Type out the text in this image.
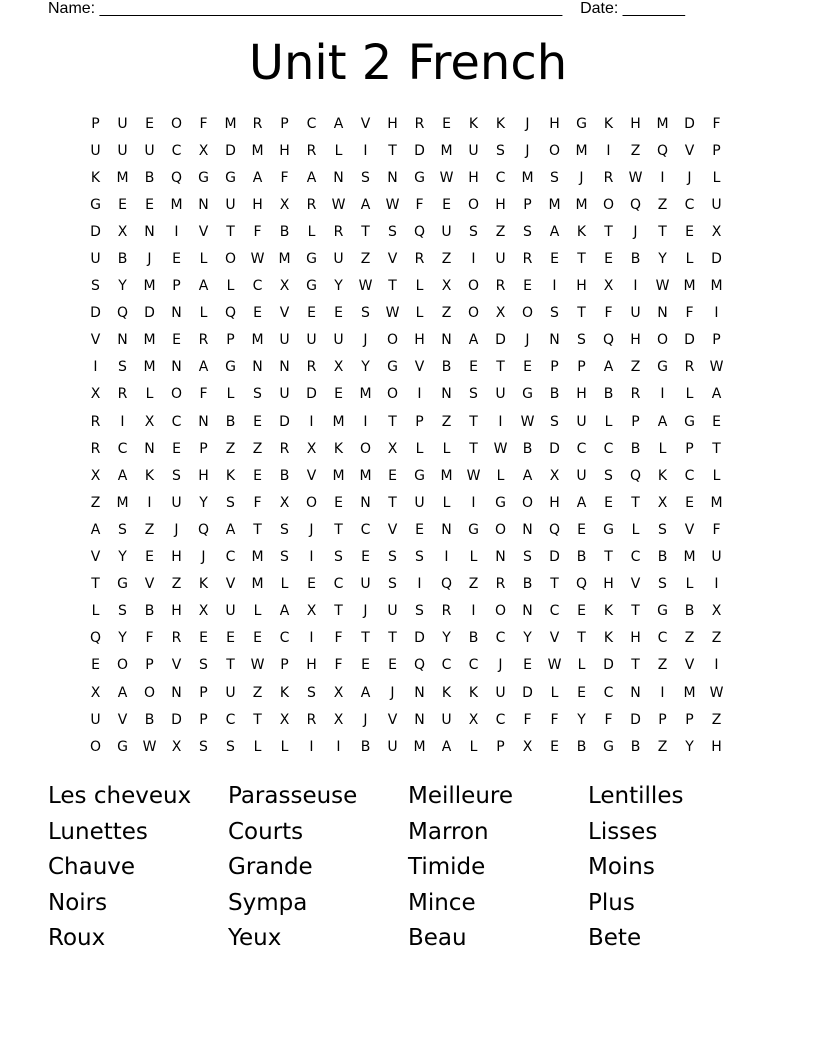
Name: ____________________________________________________ Date: _______
Unit 2 French
P	U	E	O	F	M	R	P	C	A	V	H	R	E	K	K	J	H	G	K	H	M	D	F
U	U	U	C	X	D	M	H	R	L	I	T	D	M	U	S	J	O	M	I	Z	Q	V	P
K	M	B	Q	G	G	A	F	A	N	S	N	G	W	H	C	M	S	J	R	W	I	J	L
G	E	E	M	N	U	H	X	R	W	A	W	F	E	O	H	P	M	M	O	Q	Z	C	U
D	X	N	I	V	T	F	B	L	R	T	S	Q	U	S	Z	S	A	K	T	J	T	E	X
U	B	J	E	L	O	W	M	G	U	Z	V	R	Z	I	U	R	E	T	E	B	Y	L	D
S	Y	M	P	A	L	C	X	G	Y	W	T	L	X	O	R	E	I	H	X	I	W	M	M
D	Q	D	N	L	Q	E	V	E	E	S	W	L	Z	O	X	O	S	T	F	U	N	F	I
V	N	M	E	R	P	M	U	U	U	J	O	H	N	A	D	J	N	S	Q	H	O	D	P
I	S	M	N	A	G	N	N	R	X	Y	G	V	B	E	T	E	P	P	A	Z	G	R	W
X	R	L	O	F	L	S	U	D	E	M	O	I	N	S	U	G	B	H	B	R	I	L	A
R	I	X	C	N	B	E	D	I	M	I	T	P	Z	T	I	W	S	U	L	P	A	G	E
R	C	N	E	P	Z	Z	R	X	K	O	X	L	L	T	W	B	D	C	C	B	L	P	T
X	A	K	S	H	K	E	B	V	M	M	E	G	M	W	L	A	X	U	S	Q	K	C	L
Z	M	I	U	Y	S	F	X	O	E	N	T	U	L	I	G	O	H	A	E	T	X	E	M
A	S	Z	J	Q	A	T	S	J	T	C	V	E	N	G	O	N	Q	E	G	L	S	V	F
V	Y	E	H	J	C	M	S	I	S	E	S	S	I	L	N	S	D	B	T	C	B	M	U
T	G	V	Z	K	V	M	L	E	C	U	S	I	Q	Z	R	B	T	Q	H	V	S	L	I
L	S	B	H	X	U	L	A	X	T	J	U	S	R	I	O	N	C	E	K	T	G	B	X
Q	Y	F	R	E	E	E	C	I	F	T	T	D	Y	B	C	Y	V	T	K	H	C	Z	Z
E	O	P	V	S	T	W	P	H	F	E	E	Q	C	C	J	E	W	L	D	T	Z	V	I
X	A	O	N	P	U	Z	K	S	X	A	J	N	K	K	U	D	L	E	C	N	I	M	W
U	V	B	D	P	C	T	X	R	X	J	V	N	U	X	C	F	F	Y	F	D	P	P	Z
O	G	W	X	S	S	L	L	I	I	B	U	M	A	L	P	X	E	B	G	B	Z	Y	H
Les cheveux	Parasseuse	Meilleure	Lentilles
Lunettes	Courts	Marron	Lisses
Chauve	Grande	Timide	Moins
Noirs	Sympa	Mince	Plus
Roux	Yeux	Beau	Bete
